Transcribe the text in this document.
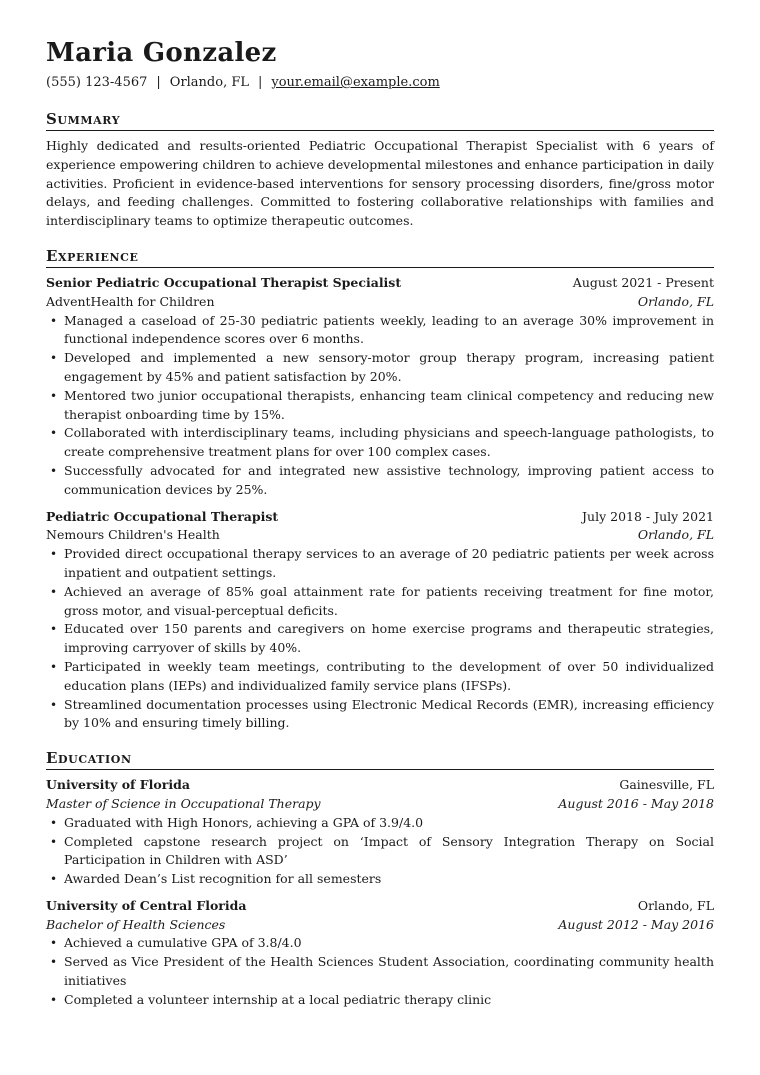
Maria Gonzalez
(555) 123-4567 | Orlando, FL | your.email@example.com
Summary
Highly dedicated and results-oriented Pediatric Occupational Therapist Specialist with 6 years of experience empowering children to achieve developmental milestones and enhance participation in daily activities. Proficient in evidence-based interventions for sensory processing disorders, fine/gross motor delays, and feeding challenges. Committed to fostering collaborative relationships with families and interdisciplinary teams to optimize therapeutic outcomes.
Experience
Senior Pediatric Occupational Therapist Specialist	August 2021 - Present
AdventHealth for Children	Orlando, FL
• Managed a caseload of 25-30 pediatric patients weekly, leading to an average 30% improvement in functional independence scores over 6 months.
• Developed and implemented a new sensory-motor group therapy program, increasing patient engagement by 45% and patient satisfaction by 20%.
• Mentored two junior occupational therapists, enhancing team clinical competency and reducing new therapist onboarding time by 15%.
• Collaborated with interdisciplinary teams, including physicians and speech-language pathologists, to create comprehensive treatment plans for over 100 complex cases.
• Successfully advocated for and integrated new assistive technology, improving patient access to communication devices by 25%.
Pediatric Occupational Therapist	July 2018 - July 2021
Nemours Children's Health	Orlando, FL
• Provided direct occupational therapy services to an average of 20 pediatric patients per week across inpatient and outpatient settings.
• Achieved an average of 85% goal attainment rate for patients receiving treatment for fine motor, gross motor, and visual-perceptual deficits.
• Educated over 150 parents and caregivers on home exercise programs and therapeutic strategies, improving carryover of skills by 40%.
• Participated in weekly team meetings, contributing to the development of over 50 individualized education plans (IEPs) and individualized family service plans (IFSPs).
• Streamlined documentation processes using Electronic Medical Records (EMR), increasing efficiency by 10% and ensuring timely billing.
Education
University of Florida	Gainesville, FL
Master of Science in Occupational Therapy	August 2016 - May 2018
• Graduated with High Honors, achieving a GPA of 3.9/4.0
• Completed capstone research project on ‘Impact of Sensory Integration Therapy on Social Participation in Children with ASD’
• Awarded Dean’s List recognition for all semesters
University of Central Florida	Orlando, FL
Bachelor of Health Sciences	August 2012 - May 2016
• Achieved a cumulative GPA of 3.8/4.0
• Served as Vice President of the Health Sciences Student Association, coordinating community health initiatives
• Completed a volunteer internship at a local pediatric therapy clinic
